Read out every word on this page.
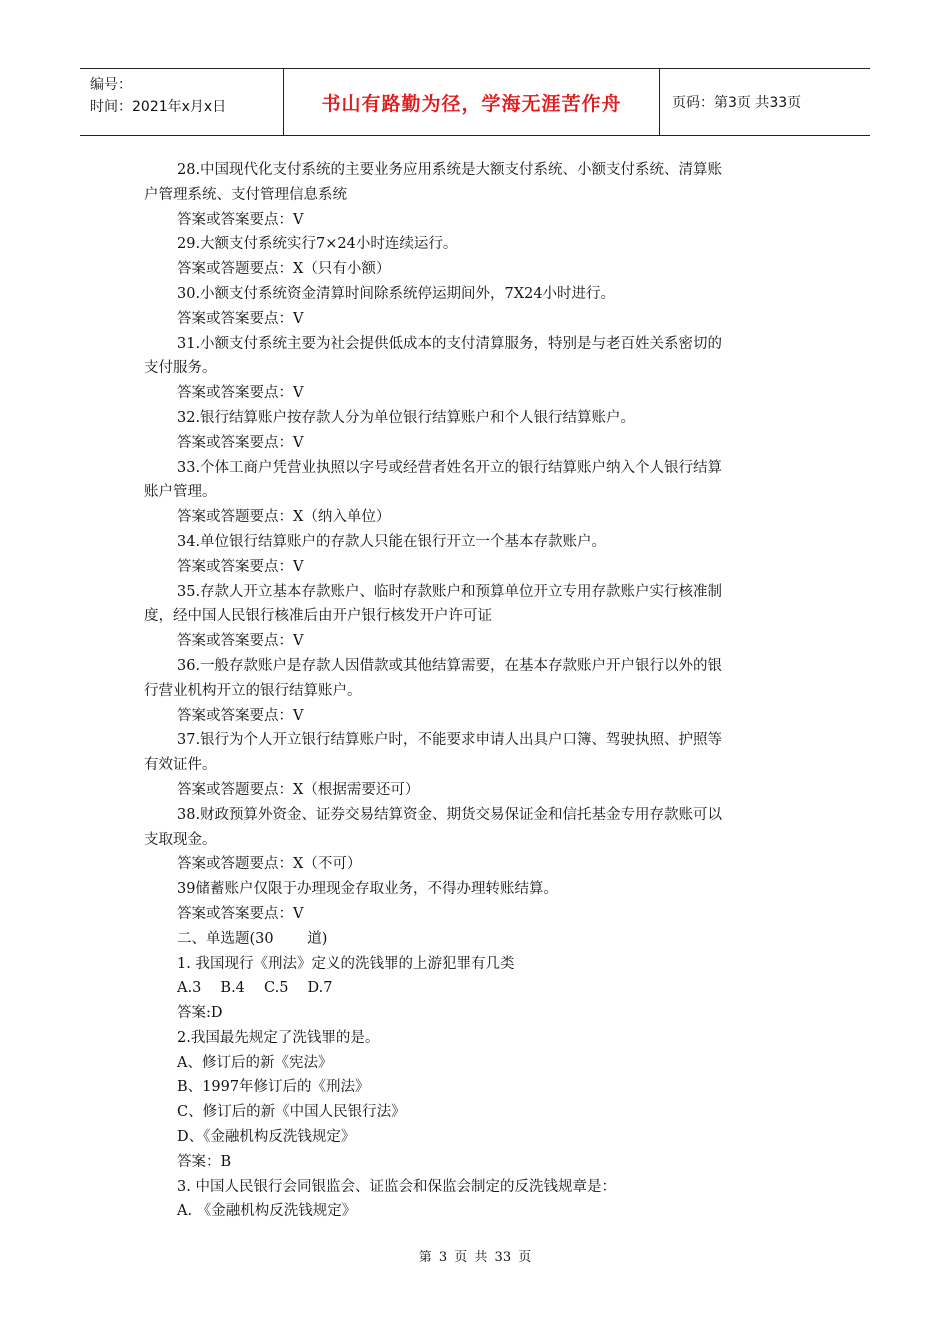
编号：
时间：2021年x月x日	书山有路勤为径，学海无涯苦作舟	页码：第3页 共33页
28.中国现代化支付系统的主要业务应用系统是大额支付系统、小额支付系统、清算账
户管理系统、支付管理信息系统
答案或答案要点：V
29.大额支付系统实行7×24小时连续运行。
答案或答题要点：X（只有小额）
30.小额支付系统资金清算时间除系统停运期间外，7X24小时进行。
答案或答案要点：V
31.小额支付系统主要为社会提供低成本的支付清算服务，特别是与老百姓关系密切的
支付服务。
答案或答案要点：V
32.银行结算账户按存款人分为单位银行结算账户和个人银行结算账户。
答案或答案要点：V
33.个体工商户凭营业执照以字号或经营者姓名开立的银行结算账户纳入个人银行结算
账户管理。
答案或答题要点：X（纳入单位）
34.单位银行结算账户的存款人只能在银行开立一个基本存款账户。
答案或答案要点：V
35.存款人开立基本存款账户、临时存款账户和预算单位开立专用存款账户实行核准制
度，经中国人民银行核准后由开户银行核发开户许可证
答案或答案要点：V
36.一般存款账户是存款人因借款或其他结算需要，在基本存款账户开户银行以外的银
行营业机构开立的银行结算账户。
答案或答案要点：V
37.银行为个人开立银行结算账户时，不能要求申请人出具户口簿、驾驶执照、护照等
有效证件。
答案或答题要点：X（根据需要还可）
38.财政预算外资金、证券交易结算资金、期货交易保证金和信托基金专用存款账可以
支取现金。
答案或答题要点：X（不可）
39储蓄账户仅限于办理现金存取业务，不得办理转账结算。
答案或答案要点：V
二、单选题(30　　 道)
1. 我国现行《刑法》定义的洗钱罪的上游犯罪有几类
A.3　 B.4　 C.5　 D.7
答案:D
2.我国最先规定了洗钱罪的是。
A、修订后的新《宪法》
B、1997年修订后的《刑法》
C、修订后的新《中国人民银行法》
D、《金融机构反洗钱规定》
答案：B
3. 中国人民银行会同银监会、证监会和保监会制定的反洗钱规章是：
A. 《金融机构反洗钱规定》
第 3 页 共 33 页
